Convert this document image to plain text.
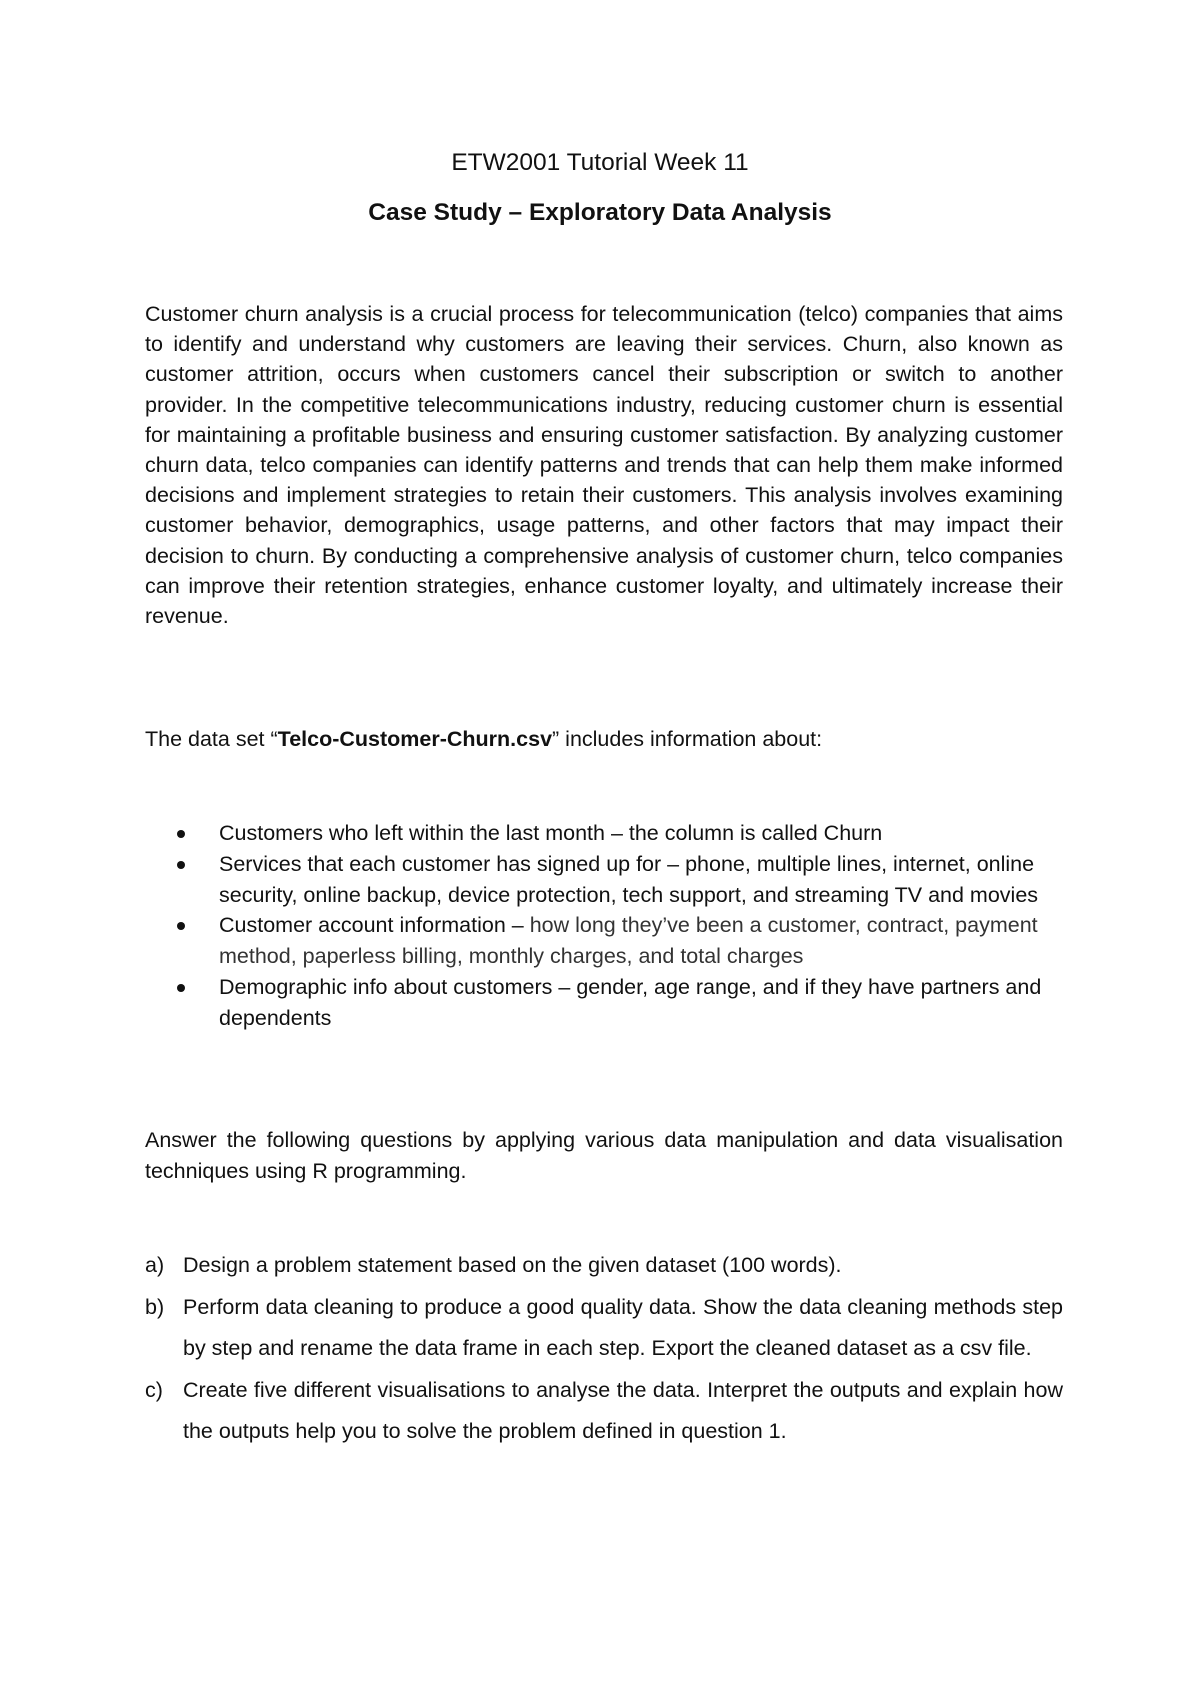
ETW2001 Tutorial Week 11
Case Study – Exploratory Data Analysis

Customer churn analysis is a crucial process for telecommunication (telco) companies that aims to identify and understand why customers are leaving their services. Churn, also known as customer attrition, occurs when customers cancel their subscription or switch to another provider. In the competitive telecommunications industry, reducing customer churn is essential for maintaining a profitable business and ensuring customer satisfaction. By analyzing customer churn data, telco companies can identify patterns and trends that can help them make informed decisions and implement strategies to retain their customers. This analysis involves examining customer behavior, demographics, usage patterns, and other factors that may impact their decision to churn. By conducting a comprehensive analysis of customer churn, telco companies can improve their retention strategies, enhance customer loyalty, and ultimately increase their revenue.

The data set “Telco-Customer-Churn.csv” includes information about:

Customers who left within the last month – the column is called Churn
Services that each customer has signed up for – phone, multiple lines, internet, online security, online backup, device protection, tech support, and streaming TV and movies
Customer account information – how long they’ve been a customer, contract, payment method, paperless billing, monthly charges, and total charges
Demographic info about customers – gender, age range, and if they have partners and dependents

Answer the following questions by applying various data manipulation and data visualisation techniques using R programming.

a) Design a problem statement based on the given dataset (100 words).
b) Perform data cleaning to produce a good quality data. Show the data cleaning methods step by step and rename the data frame in each step. Export the cleaned dataset as a csv file.
c) Create five different visualisations to analyse the data. Interpret the outputs and explain how the outputs help you to solve the problem defined in question 1.
